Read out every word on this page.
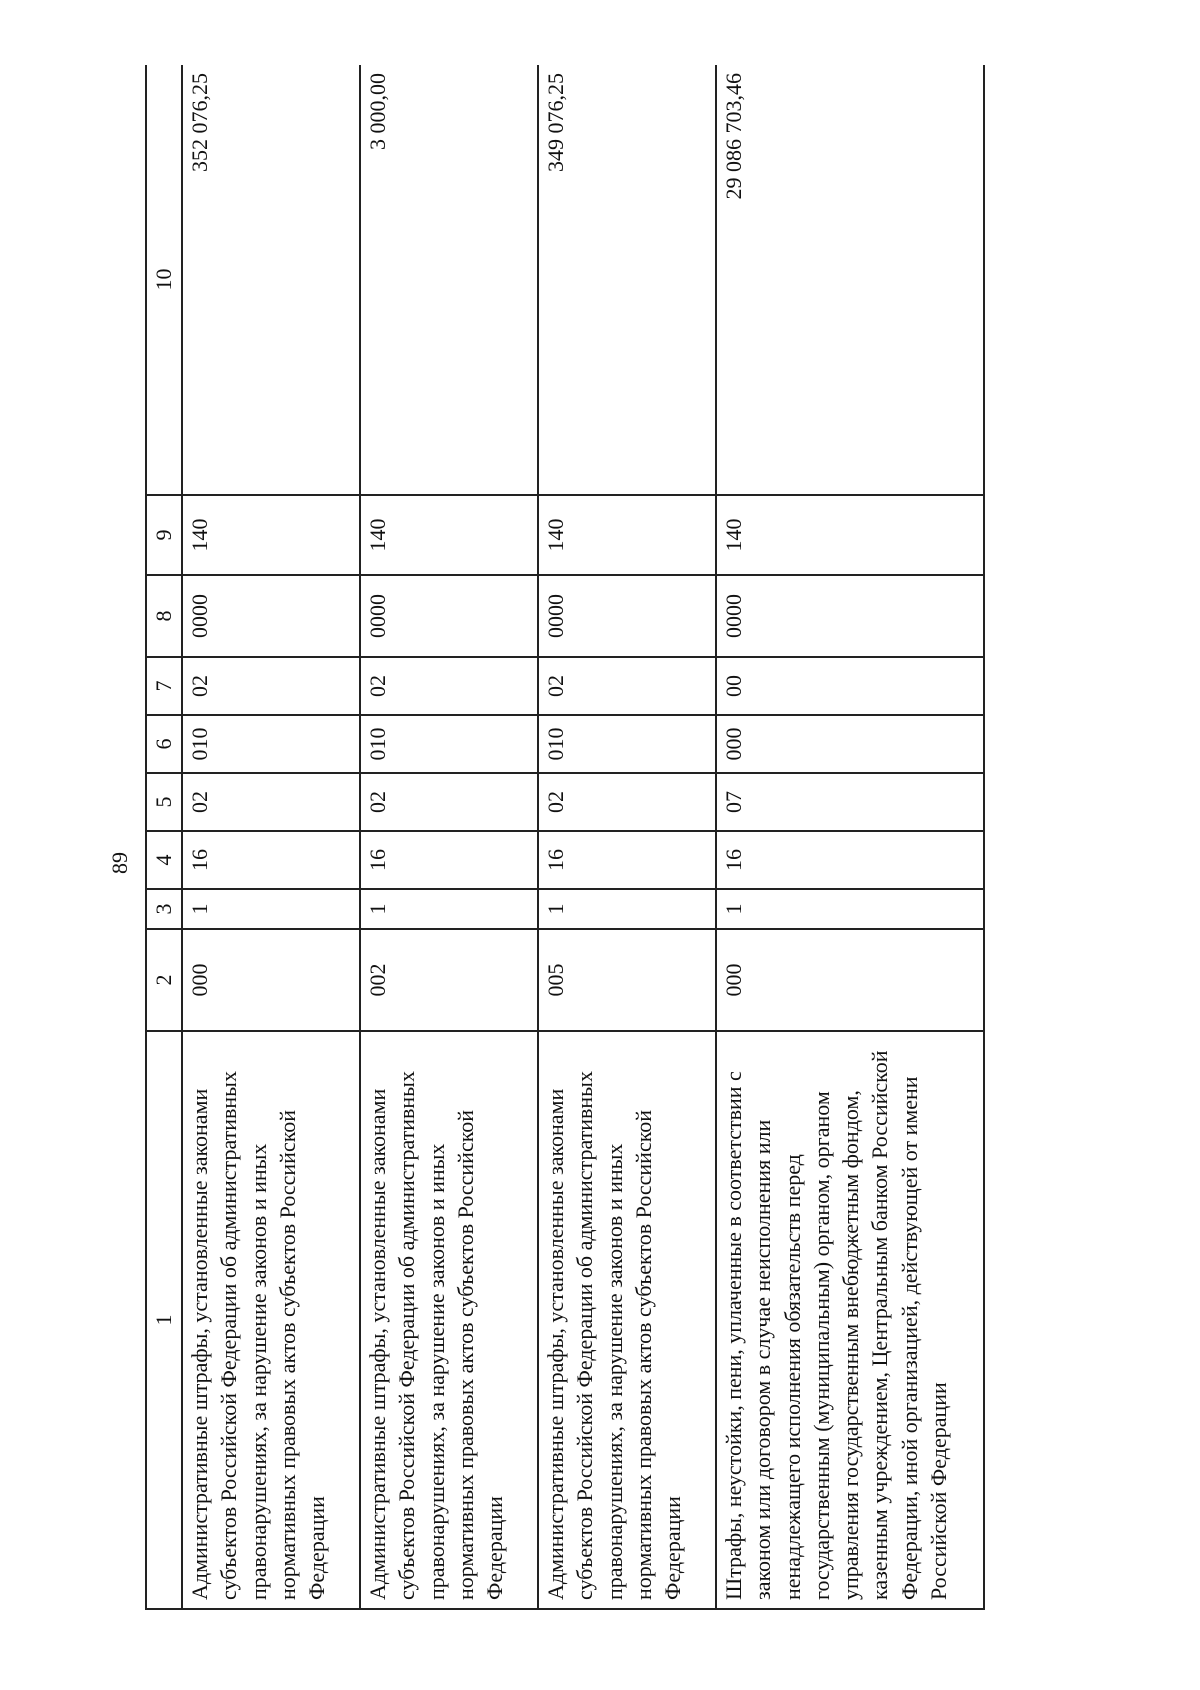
89
1	2	3	4	5	6	7	8	9	10
Административные штрафы, установленные законами субъектов Российской Федерации об административных правонарушениях, за нарушение законов и иных нормативных правовых актов субъектов Российской Федерации	000	1	16	02	010	02	0000	140	352 076,25
Административные штрафы, установленные законами субъектов Российской Федерации об административных правонарушениях, за нарушение законов и иных нормативных правовых актов субъектов Российской Федерации	002	1	16	02	010	02	0000	140	3 000,00
Административные штрафы, установленные законами субъектов Российской Федерации об административных правонарушениях, за нарушение законов и иных нормативных правовых актов субъектов Российской Федерации	005	1	16	02	010	02	0000	140	349 076,25
Штрафы, неустойки, пени, уплаченные в соответствии с законом или договором в случае неисполнения или ненадлежащего исполнения обязательств перед государственным (муниципальным) органом, органом управления государственным внебюджетным фондом, казенным учреждением, Центральным банком Российской Федерации, иной организацией, действующей от имени Российской Федерации	000	1	16	07	000	00	0000	140	29 086 703,46
